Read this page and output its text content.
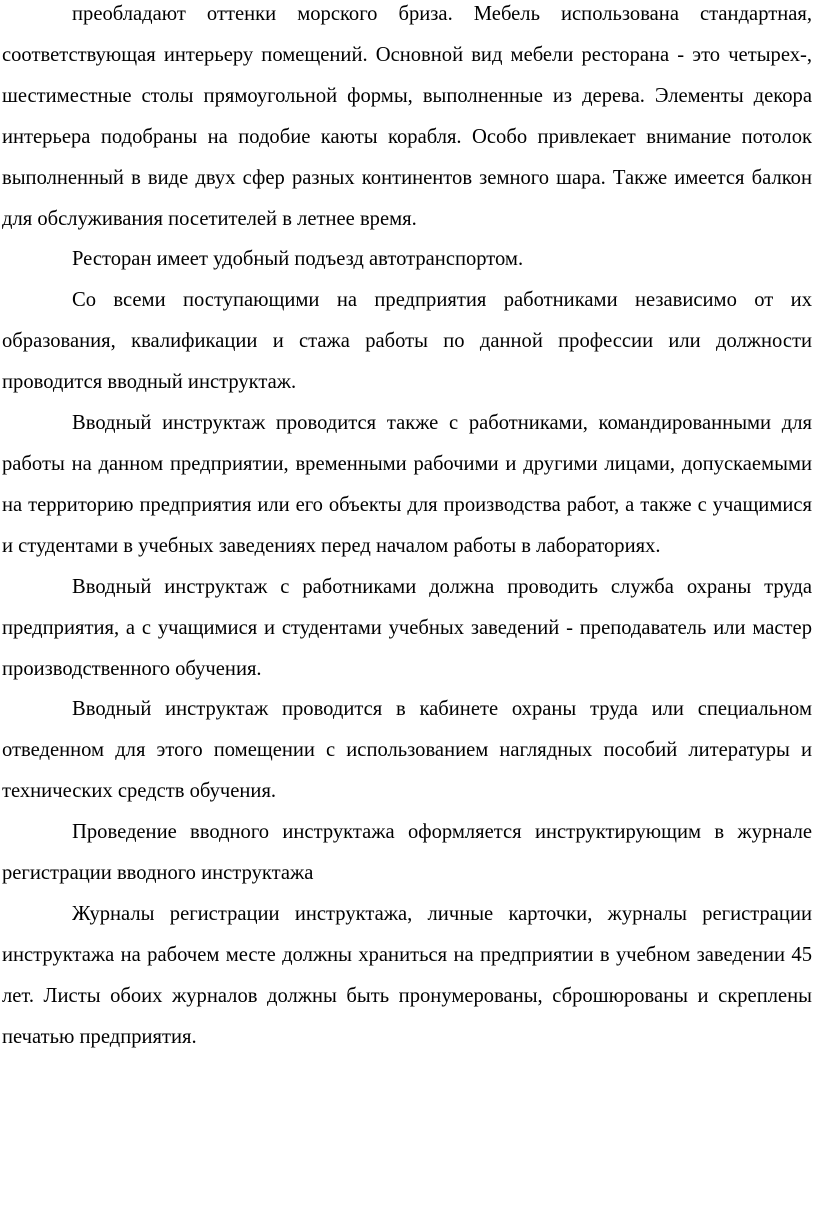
преобладают оттенки морского бриза. Мебель использована стандартная, соответствующая интерьеру помещений. Основной вид мебели ресторана - это четырех-, шестиместные столы прямоугольной формы, выполненные из дерева. Элементы декора интерьера подобраны на подобие каюты корабля. Особо привлекает внимание потолок выполненный в виде двух сфер разных континентов земного шара. Также имеется балкон для обслуживания посетителей в летнее время.

Ресторан имеет удобный подъезд автотранспортом.

Со всеми поступающими на предприятия работниками независимо от их образования, квалификации и стажа работы по данной профессии или должности проводится вводный инструктаж.

Вводный инструктаж проводится также с работниками, командированными для работы на данном предприятии, временными рабочими и другими лицами, допускаемыми на территорию предприятия или его объекты для производства работ, а также с учащимися и студентами в учебных заведениях перед началом работы в лабораториях.

Вводный инструктаж с работниками должна проводить служба охраны труда предприятия, а с учащимися и студентами учебных заведений - преподаватель или мастер производственного обучения.

Вводный инструктаж проводится в кабинете охраны труда или специальном отведенном для этого помещении с использованием наглядных пособий литературы и технических средств обучения.

Проведение вводного инструктажа оформляется инструктирующим в журнале регистрации вводного инструктажа

Журналы регистрации инструктажа, личные карточки, журналы регистрации инструктажа на рабочем месте должны храниться на предприятии в учебном заведении 45 лет. Листы обоих журналов должны быть пронумерованы, сброшюрованы и скреплены печатью предприятия.
